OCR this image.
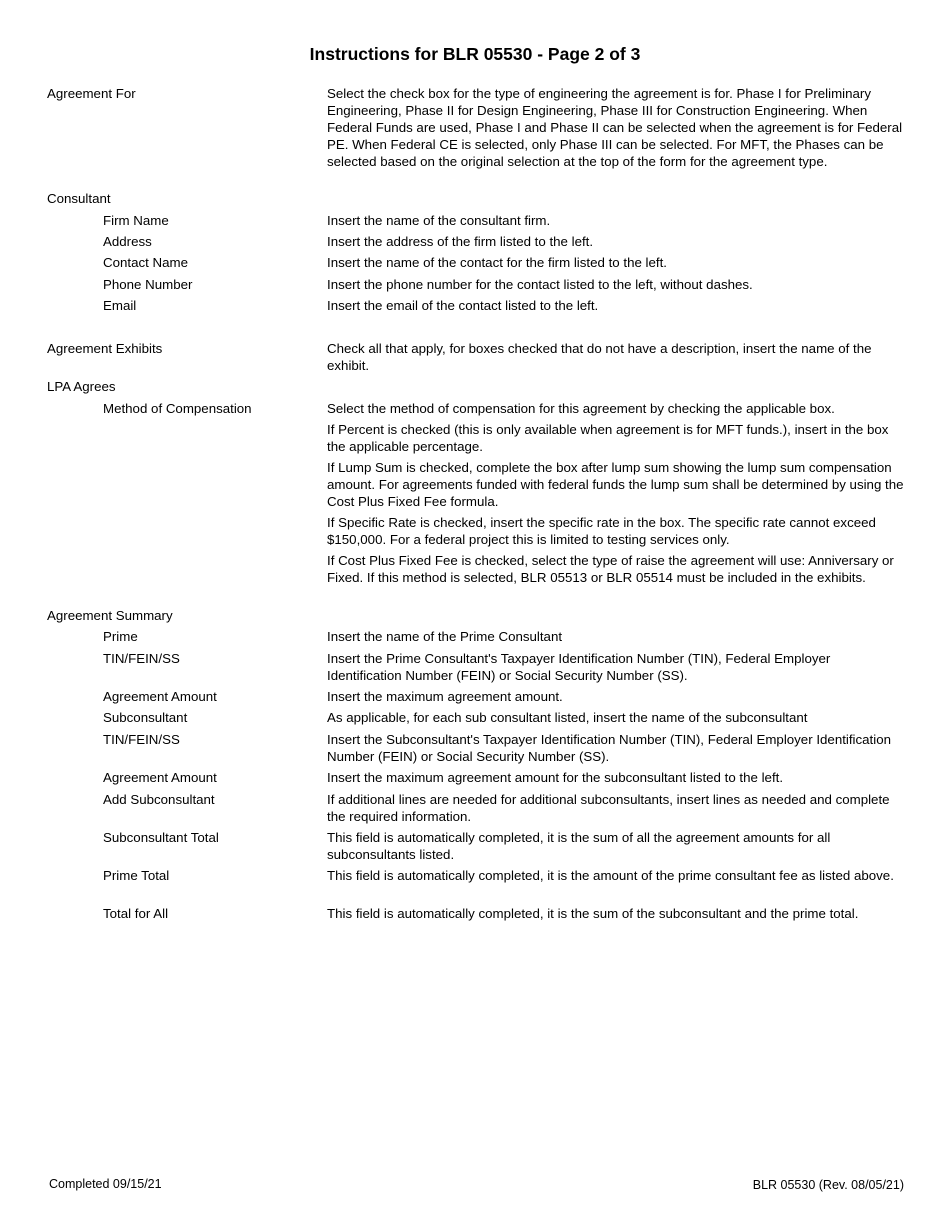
Instructions for BLR 05530 - Page 2 of 3
Agreement For	Select the check box for the type of engineering the agreement is for. Phase I for Preliminary Engineering, Phase II for Design Engineering, Phase III for Construction Engineering. When Federal Funds are used, Phase I and Phase II can be selected when the agreement is for Federal PE. When Federal CE is selected, only Phase III can be selected. For MFT, the Phases can be selected based on the original selection at the top of the form for the agreement type.
Consultant
Firm Name	Insert the name of the consultant firm.
Address	Insert the address of the firm listed to the left.
Contact Name	Insert the name of the contact for the firm listed to the left.
Phone Number	Insert the phone number for the contact listed to the left, without dashes.
Email	Insert the email of the contact listed to the left.
Agreement Exhibits	Check all that apply, for boxes checked that do not have a description, insert the name of the exhibit.
LPA Agrees
Method of Compensation	Select the method of compensation for this agreement by checking the applicable box.
If Percent is checked (this is only available when agreement is for MFT funds.), insert in the box the applicable percentage.
If Lump Sum is checked, complete the box after lump sum showing the lump sum compensation amount. For agreements funded with federal funds the lump sum shall be determined by using the Cost Plus Fixed Fee formula.
If Specific Rate is checked, insert the specific rate in the box. The specific rate cannot exceed $150,000. For a federal project this is limited to testing services only.
If Cost Plus Fixed Fee is checked, select the type of raise the agreement will use: Anniversary or Fixed. If this method is selected, BLR 05513 or BLR 05514 must be included in the exhibits.
Agreement Summary
Prime	Insert the name of the Prime Consultant
TIN/FEIN/SS	Insert the Prime Consultant's Taxpayer Identification Number (TIN), Federal Employer Identification Number (FEIN) or Social Security Number (SS).
Agreement Amount	Insert the maximum agreement amount.
Subconsultant	As applicable, for each sub consultant listed, insert the name of the subconsultant
TIN/FEIN/SS	Insert the Subconsultant's Taxpayer Identification Number (TIN), Federal Employer Identification Number (FEIN) or Social Security Number (SS).
Agreement Amount	Insert the maximum agreement amount for the subconsultant listed to the left.
Add Subconsultant	If additional lines are needed for additional subconsultants, insert lines as needed and complete the required information.
Subconsultant Total	This field is automatically completed, it is the sum of all the agreement amounts for all subconsultants listed.
Prime Total	This field is automatically completed, it is the amount of the prime consultant fee as listed above.
Total for All	This field is automatically completed, it is the sum of the subconsultant and the prime total.
Completed 09/15/21	BLR 05530 (Rev. 08/05/21)
